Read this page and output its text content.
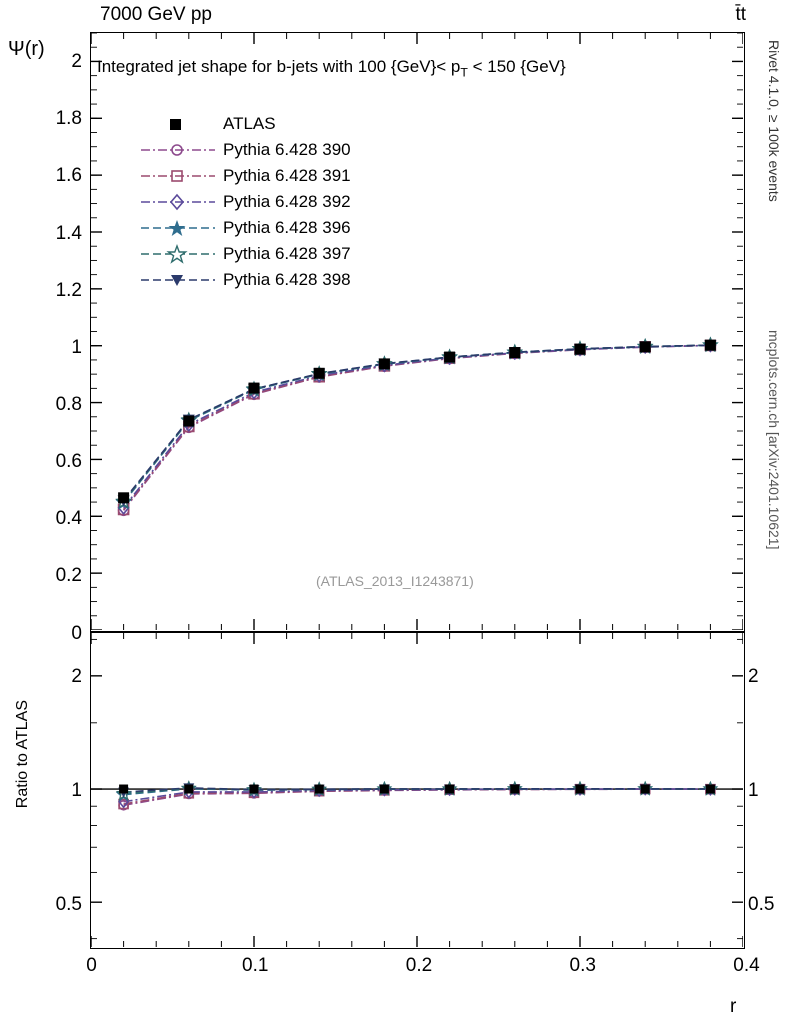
7000 GeV pp	t̄t
Rivet 4.1.0, ≥ 100k events
mcplots.cern.ch [arXiv:2401.10621]
Ψ(r)
Integrated jet shape for b-jets with 100 $\{GeV\}< p_T < 150$ {GeV}
(ATLAS_2013_I1243871)
ATLAS
Pythia 6.428 390
Pythia 6.428 391
Pythia 6.428 392
Pythia 6.428 396
Pythia 6.428 397
Pythia 6.428 398
0
0.2
0.4
0.6
0.8
1
1.2
1.4
1.6
1.8
2
0.5
1
2
0.5
1
2
Ratio to ATLAS
0	0.1	0.2	0.3	0.4
r
